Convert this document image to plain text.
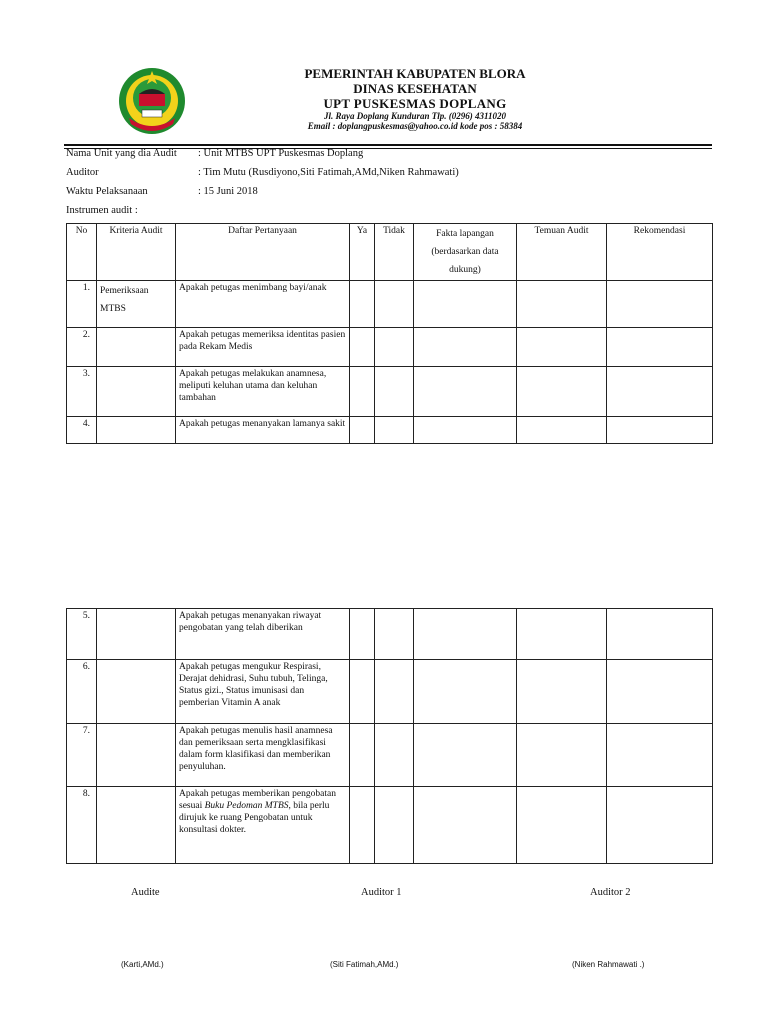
PEMERINTAH KABUPATEN BLORA
DINAS KESEHATAN
UPT PUSKESMAS DOPLANG
Jl. Raya Doplang Kunduran Tlp. (0296) 4311020
Email : doplangpuskesmas@yahoo.co.id kode pos : 58384
Nama Unit yang dia Audit : Unit MTBS UPT Puskesmas Doplang
Auditor	: Tim Mutu (Rusdiyono,Siti Fatimah,AMd,Niken Rahmawati)
Waktu Pelaksanaan	: 15 Juni 2018
Instrumen audit :
No	Kriteria Audit	Daftar Pertanyaan	Ya	Tidak	Fakta lapangan (berdasarkan data dukung)	Temuan Audit	Rekomendasi
1.	Pemeriksaan MTBS	Apakah petugas menimbang bayi/anak					
2.		Apakah petugas memeriksa identitas pasien pada Rekam Medis					
3.		Apakah petugas melakukan anamnesa, meliputi keluhan utama dan keluhan tambahan					
4.		Apakah petugas menanyakan lamanya sakit					
5.		Apakah petugas menanyakan riwayat pengobatan yang telah diberikan					
6.		Apakah petugas mengukur Respirasi, Derajat dehidrasi, Suhu tubuh, Telinga, Status gizi., Status imunisasi dan pemberian Vitamin A anak					
7.		Apakah petugas menulis hasil anamnesa dan pemeriksaan serta mengklasifikasi dalam form klasifikasi dan memberikan penyuluhan.					
8.		Apakah petugas memberikan pengobatan sesuai Buku Pedoman MTBS, bila perlu dirujuk ke ruang Pengobatan untuk konsultasi dokter.					
Audite	Auditor 1	Auditor 2
(Karti,AMd.)	(Siti Fatimah,AMd.)	(Niken Rahmawati .)
